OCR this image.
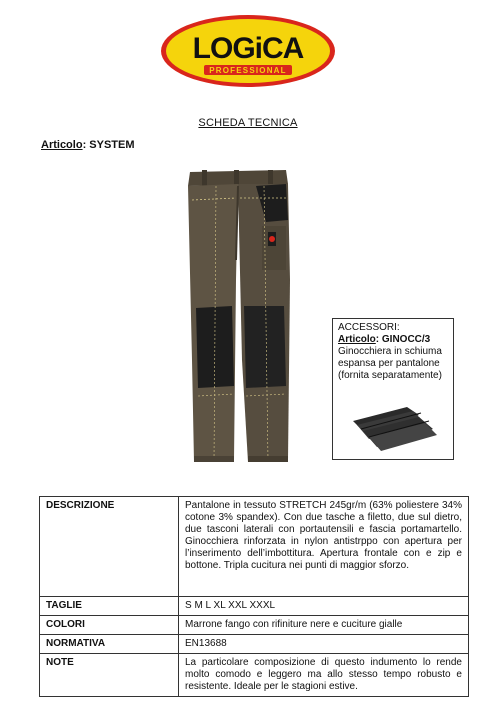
LOGiCA
PROFESSIONAL
SCHEDA TECNICA
Articolo: SYSTEM
ACCESSORI:
Articolo: GINOCC/3
Ginocchiera in schiuma espansa per pantalone (fornita separatamente)
DESCRIZIONE	Pantalone in tessuto STRETCH 245gr/m (63% poliestere 34% cotone 3% spandex). Con due tasche a filetto, due sul dietro, due tasconi laterali con portautensili e fascia portamartello. Ginocchiera rinforzata in nylon antistrppo con apertura per l’inserimento dell’imbottitura. Apertura frontale con e zip e bottone. Tripla cucitura nei punti di maggior sforzo.
TAGLIE	S M L XL XXL XXXL
COLORI	Marrone fango con rifiniture nere e cuciture gialle
NORMATIVA	EN13688
NOTE	La particolare composizione di questo indumento lo rende molto comodo e leggero ma allo stesso tempo robusto e resistente. Ideale per le stagioni estive.
